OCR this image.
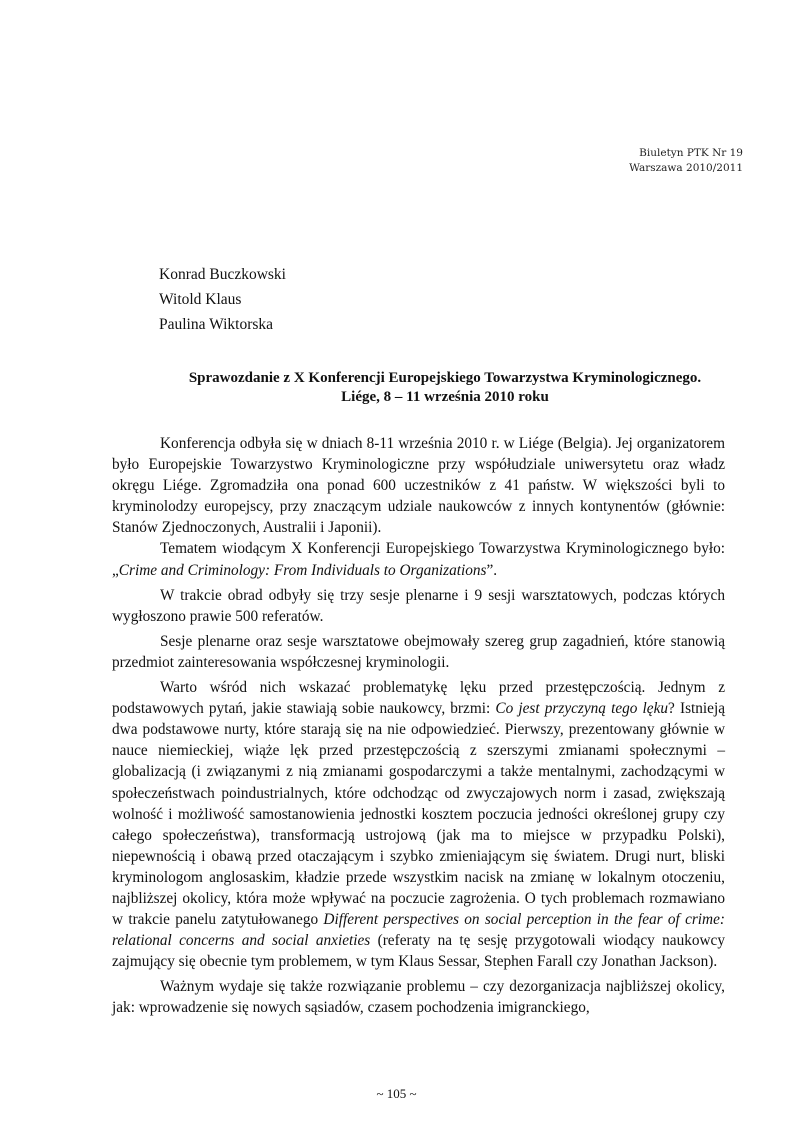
Biuletyn PTK Nr 19
Warszawa 2010/2011
Konrad Buczkowski
Witold Klaus
Paulina Wiktorska
Sprawozdanie z X Konferencji Europejskiego Towarzystwa Kryminologicznego.
Liége, 8 – 11 września 2010 roku

Konferencja odbyła się w dniach 8-11 września 2010 r. w Liége (Belgia). Jej organizatorem było Europejskie Towarzystwo Kryminologiczne przy współudziale uniwersytetu oraz władz okręgu Liége. Zgromadziła ona ponad 600 uczestników z 41 państw. W większości byli to kryminolodzy europejscy, przy znaczącym udziale naukowców z innych kontynentów (głównie: Stanów Zjednoczonych, Australii i Japonii).

Tematem wiodącym X Konferencji Europejskiego Towarzystwa Kryminologicznego było: „Crime and Criminology: From Individuals to Organizations”.

W trakcie obrad odbyły się trzy sesje plenarne i 9 sesji warsztatowych, podczas których wygłoszono prawie 500 referatów.

Sesje plenarne oraz sesje warsztatowe obejmowały szereg grup zagadnień, które stanowią przedmiot zainteresowania współczesnej kryminologii.

Warto wśród nich wskazać problematykę lęku przed przestępczością. Jednym z podstawowych pytań, jakie stawiają sobie naukowcy, brzmi: Co jest przyczyną tego lęku? Istnieją dwa podstawowe nurty, które starają się na nie odpowiedzieć. Pierwszy, prezentowany głównie w nauce niemieckiej, wiąże lęk przed przestępczością z szerszymi zmianami społecznymi – globalizacją (i związanymi z nią zmianami gospodarczymi a także mentalnymi, zachodzącymi w społeczeństwach poindustrialnych, które odchodząc od zwyczajowych norm i zasad, zwiększają wolność i możliwość samostanowienia jednostki kosztem poczucia jedności określonej grupy czy całego społeczeństwa), transformacją ustrojową (jak ma to miejsce w przypadku Polski), niepewnością i obawą przed otaczającym i szybko zmieniającym się światem. Drugi nurt, bliski kryminologom anglosaskim, kładzie przede wszystkim nacisk na zmianę w lokalnym otoczeniu, najbliższej okolicy, która może wpływać na poczucie zagrożenia. O tych problemach rozmawiano w trakcie panelu zatytułowanego Different perspectives on social perception in the fear of crime: relational concerns and social anxieties (referaty na tę sesję przygotowali wiodący naukowcy zajmujący się obecnie tym problemem, w tym Klaus Sessar, Stephen Farall czy Jonathan Jackson).

Ważnym wydaje się także rozwiązanie problemu – czy dezorganizacja najbliższej okolicy, jak: wprowadzenie się nowych sąsiadów, czasem pochodzenia imigranckiego,

~ 105 ~
